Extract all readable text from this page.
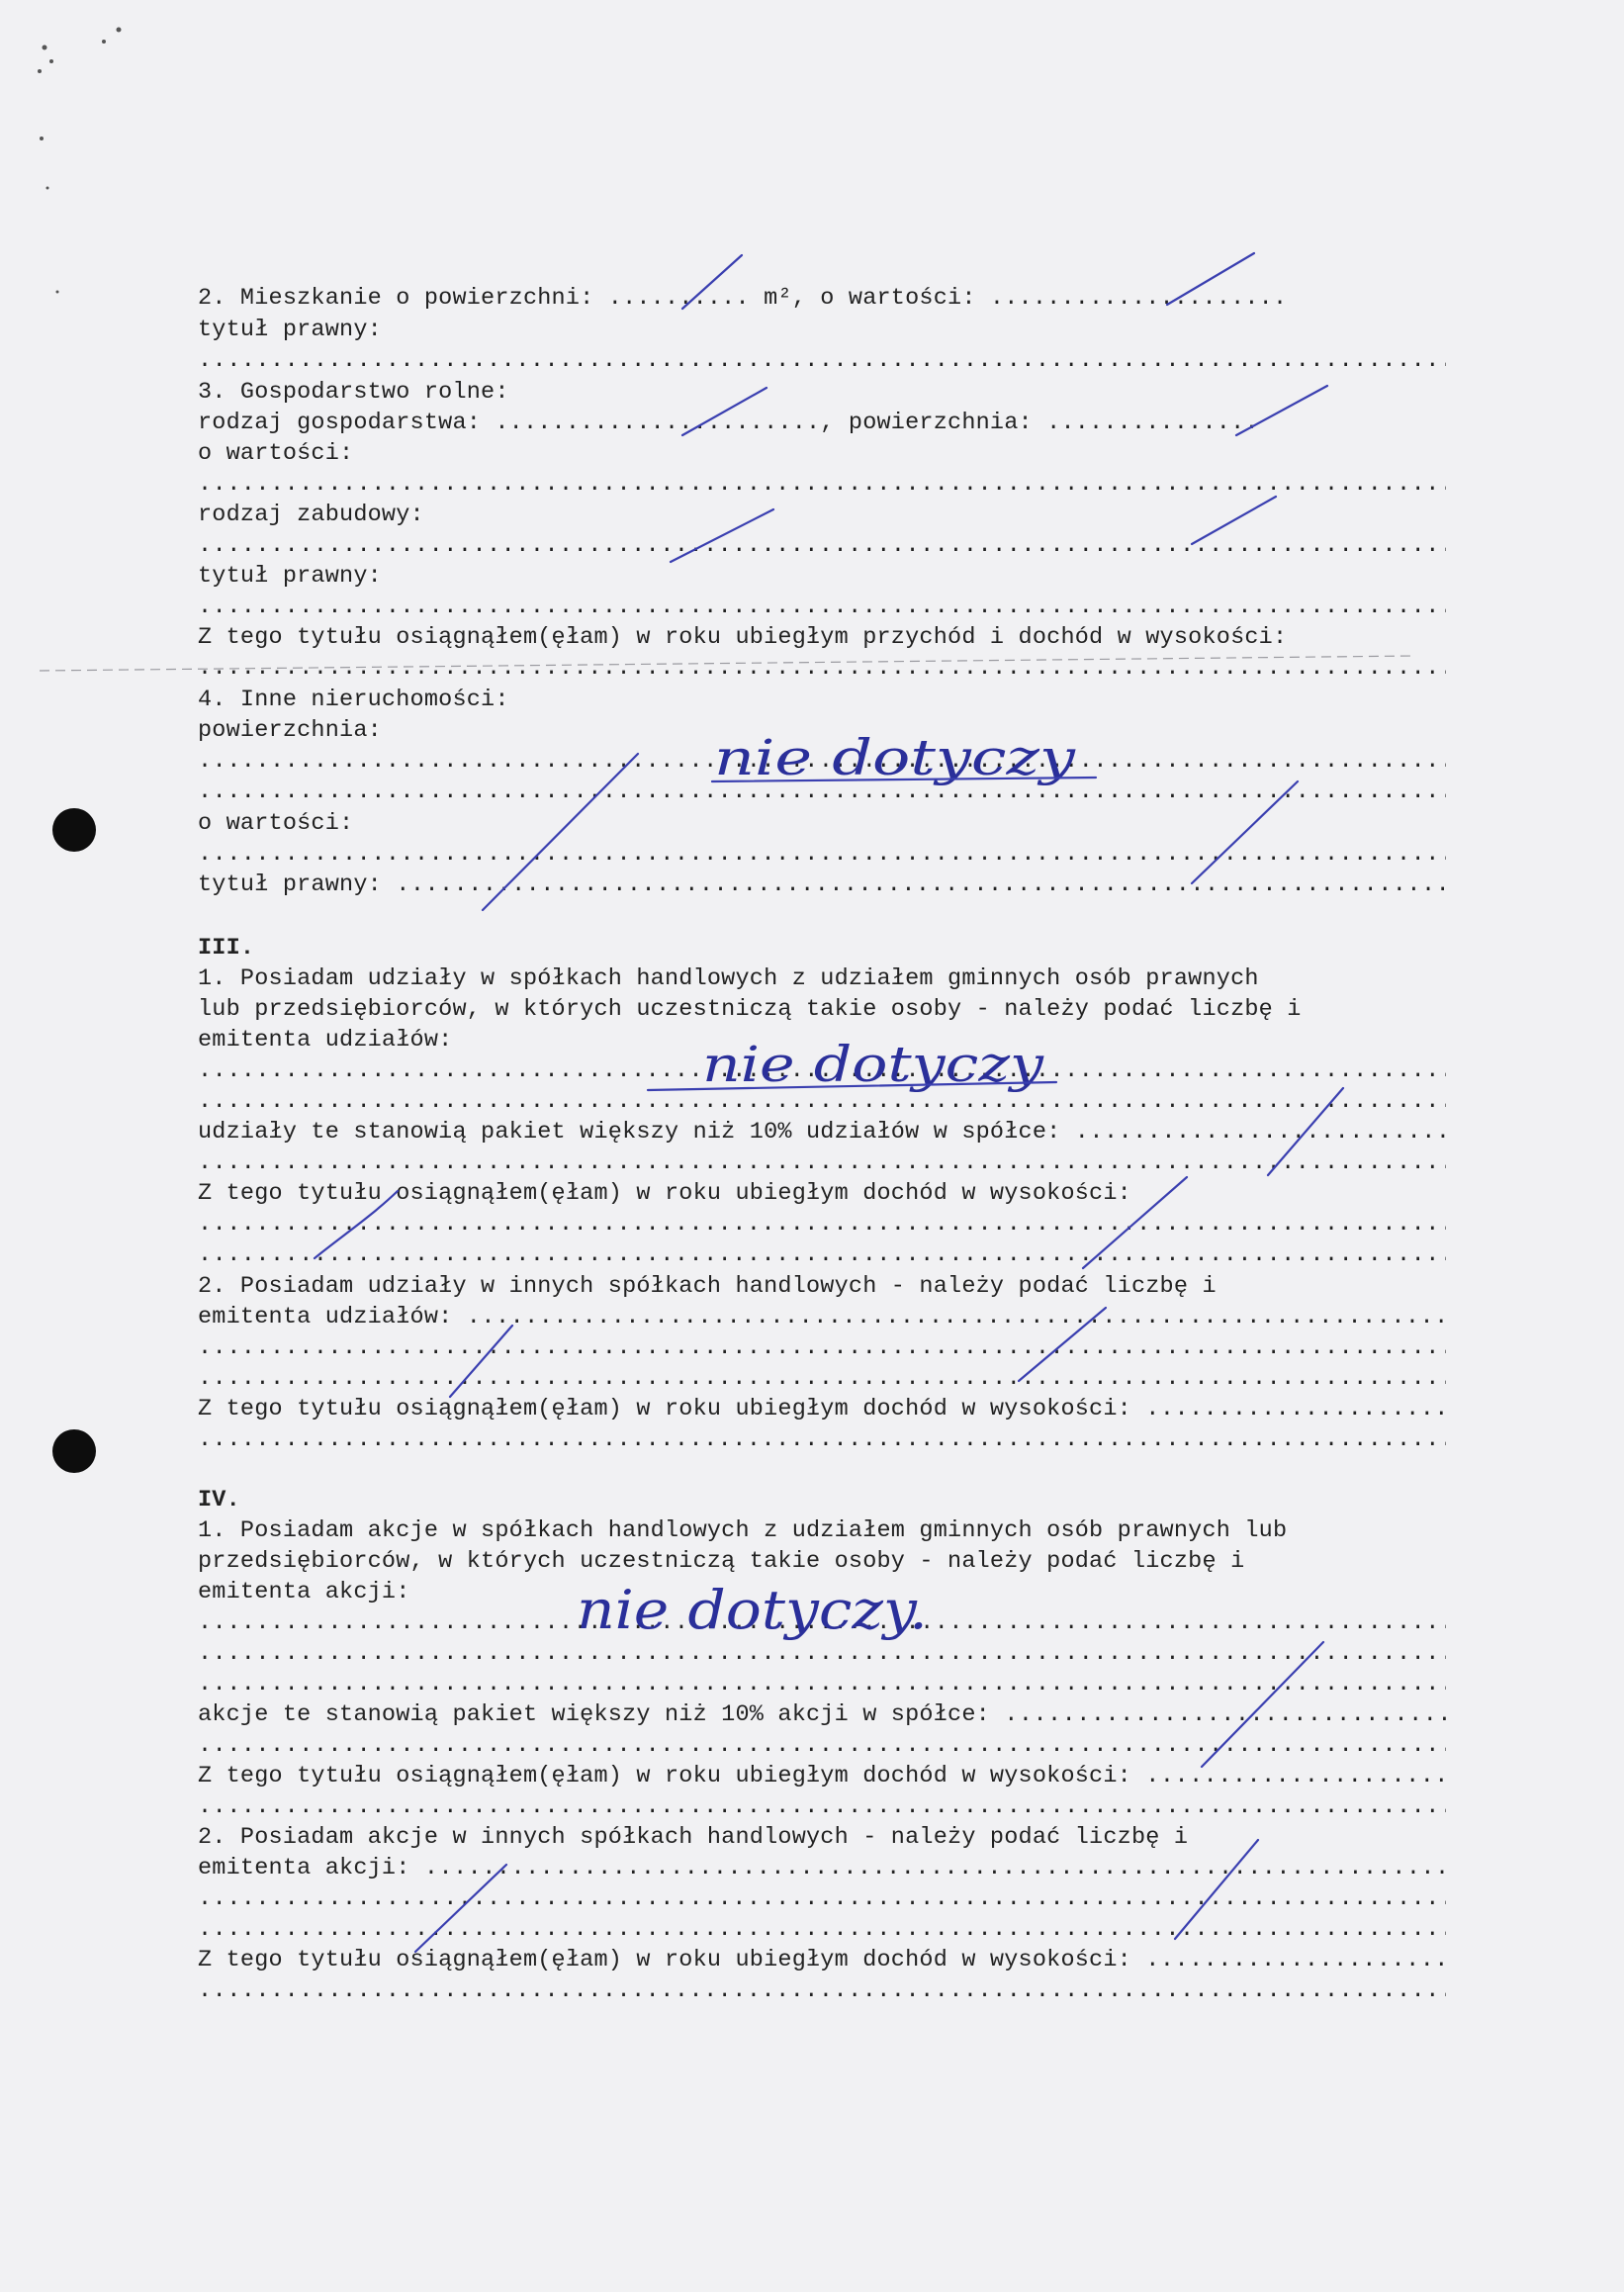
2. Mieszkanie o powierzchni: .......... m², o wartości: .....................
tytuł prawny:
.....
3. Gospodarstwo rolne:
rodzaj gospodarstwa: ......................., powierzchnia: ...............
o wartości:
.....
rodzaj zabudowy:
.....
tytuł prawny:
.....
Z tego tytułu osiągnąłem(ęłam) w roku ubiegłym przychód i dochód w wysokości:
.....
4. Inne nieruchomości:
powierzchnia:
.....
.....
o wartości:
.....
tytuł prawny:  .....
III.
1. Posiadam udziały w spółkach handlowych z udziałem gminnych osób prawnych
lub przedsiębiorców, w których uczestniczą takie osoby - należy podać liczbę i
emitenta udziałów:
.....
.....
udziały te stanowią pakiet większy niż 10% udziałów w spółce:  .....
.....
Z tego tytułu osiągnąłem(ęłam) w roku ubiegłym dochód w wysokości:
.....
.....
2. Posiadam udziały w innych spółkach handlowych - należy podać liczbę i
emitenta udziałów:  .....
.....
.....
Z tego tytułu osiągnąłem(ęłam) w roku ubiegłym dochód w wysokości:  .....
.....
IV.
1. Posiadam akcje w spółkach handlowych z udziałem gminnych osób prawnych lub
przedsiębiorców, w których uczestniczą takie osoby - należy podać liczbę i
emitenta akcji:
.....
.....
.....
akcje te stanowią pakiet większy niż 10% akcji w spółce:  .....
.....
Z tego tytułu osiągnąłem(ęłam) w roku ubiegłym dochód w wysokości:  .....
.....
2. Posiadam akcje w innych spółkach handlowych - należy podać liczbę i
emitenta akcji:  .....
.....
.....
Z tego tytułu osiągnąłem(ęłam) w roku ubiegłym dochód w wysokości:  .....
.....
nie dotyczy
nie dotyczy
nie dotyczy.
